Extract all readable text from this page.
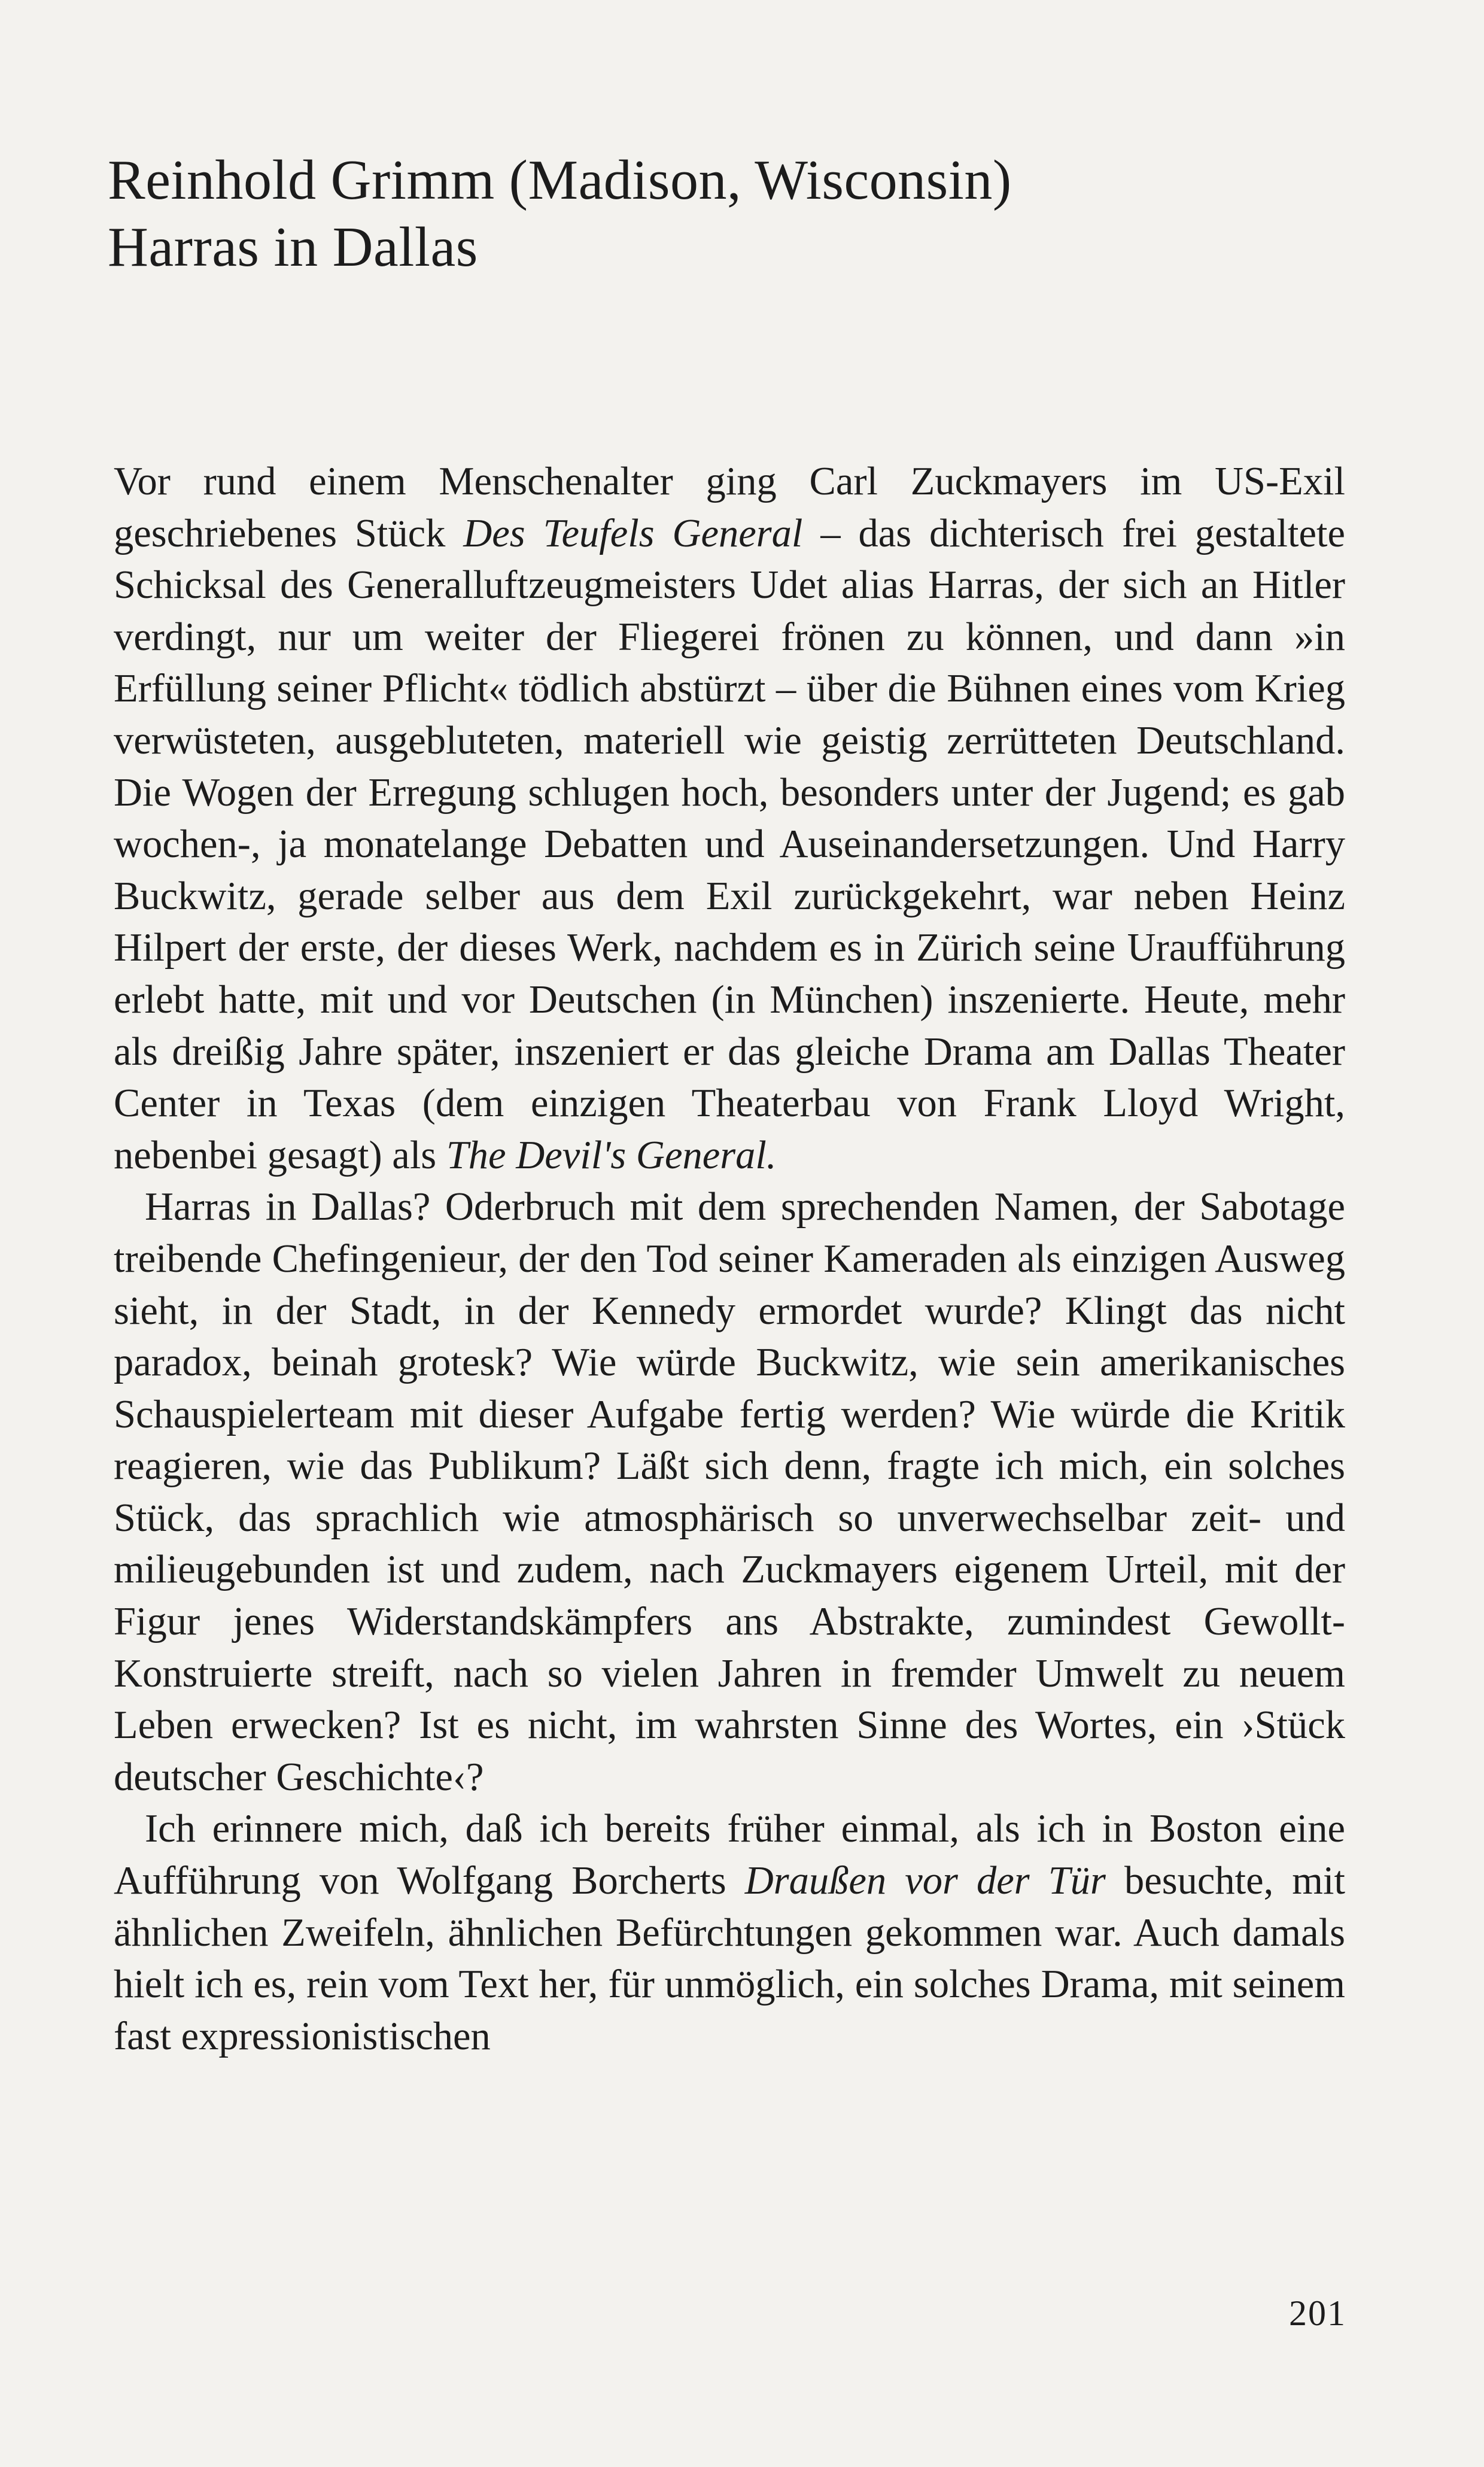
Reinhold Grimm (Madison, Wisconsin)
Harras in Dallas

Vor rund einem Menschenalter ging Carl Zuckmayers im US-Exil geschriebenes Stück Des Teufels General – das dichterisch frei gestaltete Schicksal des Generalluftzeugmeisters Udet alias Harras, der sich an Hitler verdingt, nur um weiter der Fliegerei frönen zu können, und dann »in Erfüllung seiner Pflicht« tödlich abstürzt – über die Bühnen eines vom Krieg verwüsteten, ausgebluteten, materiell wie geistig zerrütteten Deutschland. Die Wogen der Erregung schlugen hoch, besonders unter der Jugend; es gab wochen-, ja monatelange Debatten und Auseinandersetzungen. Und Harry Buckwitz, gerade selber aus dem Exil zurückgekehrt, war neben Heinz Hilpert der erste, der dieses Werk, nachdem es in Zürich seine Uraufführung erlebt hatte, mit und vor Deutschen (in München) inszenierte. Heute, mehr als dreißig Jahre später, inszeniert er das gleiche Drama am Dallas Theater Center in Texas (dem einzigen Theaterbau von Frank Lloyd Wright, nebenbei gesagt) als The Devil's General.

Harras in Dallas? Oderbruch mit dem sprechenden Namen, der Sabotage treibende Chefingenieur, der den Tod seiner Kameraden als einzigen Ausweg sieht, in der Stadt, in der Kennedy ermordet wurde? Klingt das nicht paradox, beinah grotesk? Wie würde Buckwitz, wie sein amerikanisches Schauspielerteam mit dieser Aufgabe fertig werden? Wie würde die Kritik reagieren, wie das Publikum? Läßt sich denn, fragte ich mich, ein solches Stück, das sprachlich wie atmosphärisch so unverwechselbar zeit- und milieugebunden ist und zudem, nach Zuckmayers eigenem Urteil, mit der Figur jenes Widerstandskämpfers ans Abstrakte, zumindest Gewollt-Konstruierte streift, nach so vielen Jahren in fremder Umwelt zu neuem Leben erwecken? Ist es nicht, im wahrsten Sinne des Wortes, ein ›Stück deutscher Geschichte‹?

Ich erinnere mich, daß ich bereits früher einmal, als ich in Boston eine Aufführung von Wolfgang Borcherts Draußen vor der Tür besuchte, mit ähnlichen Zweifeln, ähnlichen Befürchtungen gekommen war. Auch damals hielt ich es, rein vom Text her, für unmöglich, ein solches Drama, mit seinem fast expressionistischen

201
